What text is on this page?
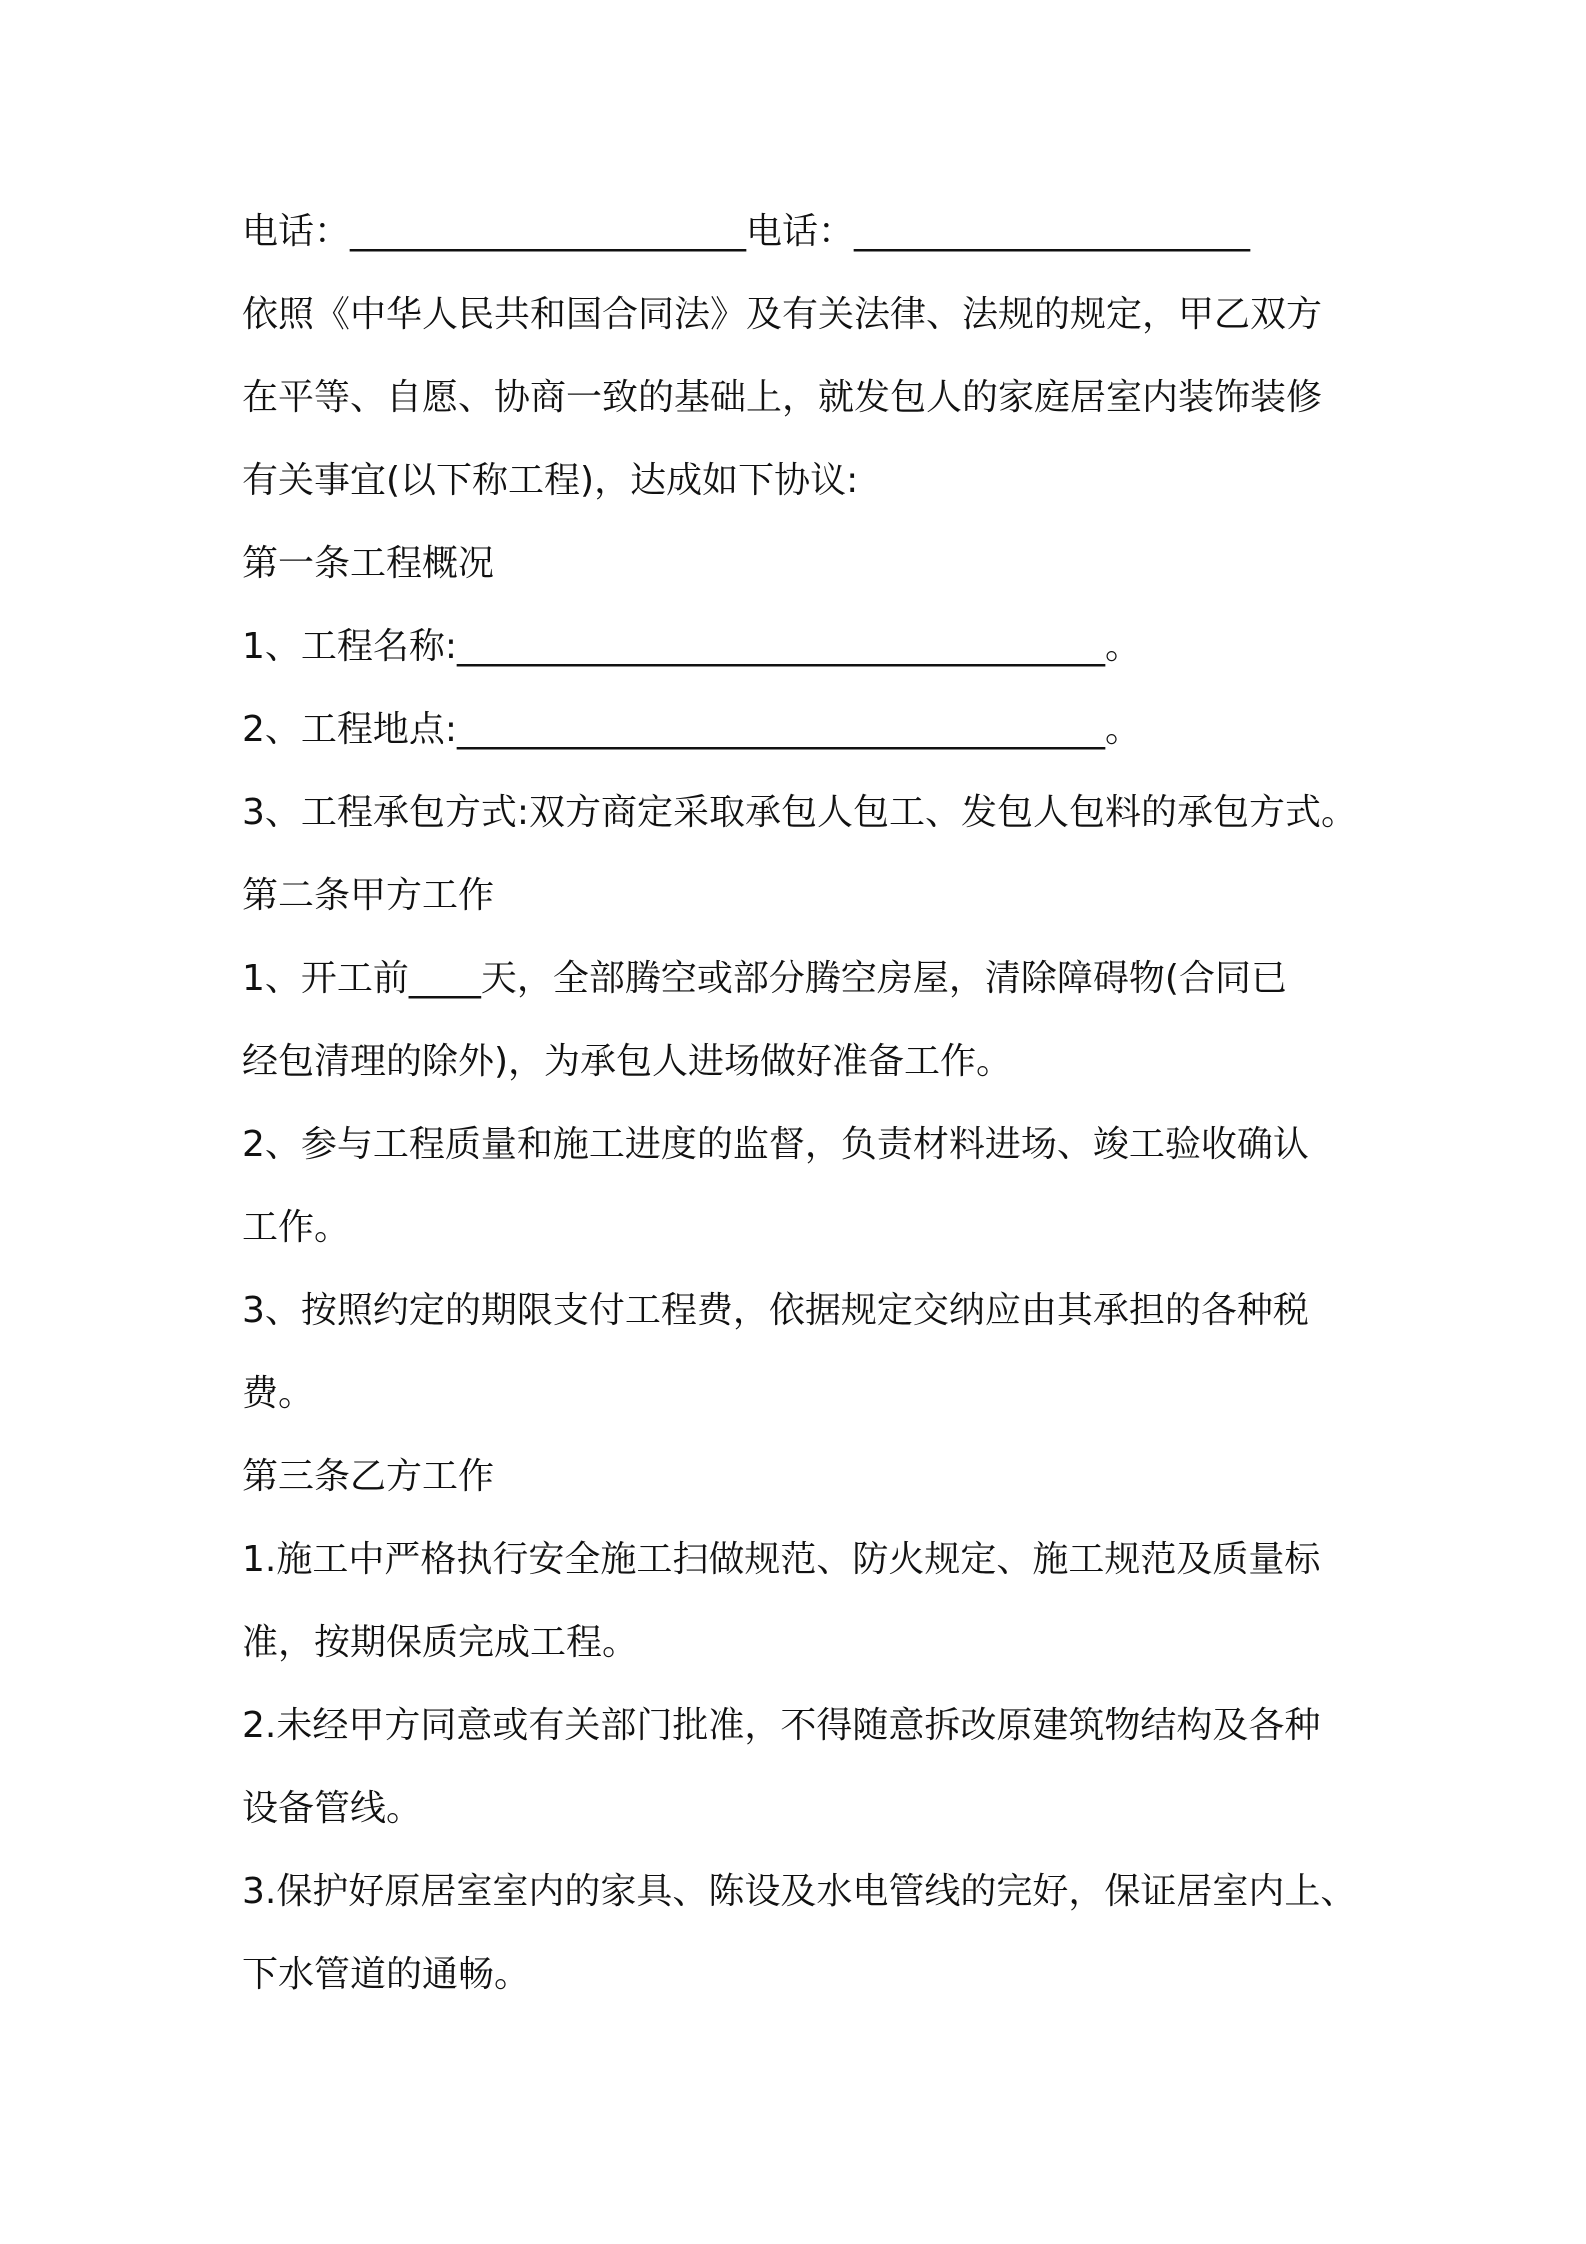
电话：______________________电话：______________________
依照《中华人民共和国合同法》及有关法律、法规的规定，甲乙双方
在平等、自愿、协商一致的基础上，就发包人的家庭居室内装饰装修
有关事宜(以下称工程)，达成如下协议:
第一条工程概况
1、工程名称:____________________________________。
2、工程地点:____________________________________。
3、工程承包方式:双方商定采取承包人包工、发包人包料的承包方式。
第二条甲方工作
1、开工前____天，全部腾空或部分腾空房屋，清除障碍物(合同已
经包清理的除外)，为承包人进场做好准备工作。
2、参与工程质量和施工进度的监督，负责材料进场、竣工验收确认
工作。
3、按照约定的期限支付工程费，依据规定交纳应由其承担的各种税
费。
第三条乙方工作
1.施工中严格执行安全施工扫做规范、防火规定、施工规范及质量标
准，按期保质完成工程。
2.未经甲方同意或有关部门批准，不得随意拆改原建筑物结构及各种
设备管线。
3.保护好原居室室内的家具、陈设及水电管线的完好，保证居室内上、
下水管道的通畅。
